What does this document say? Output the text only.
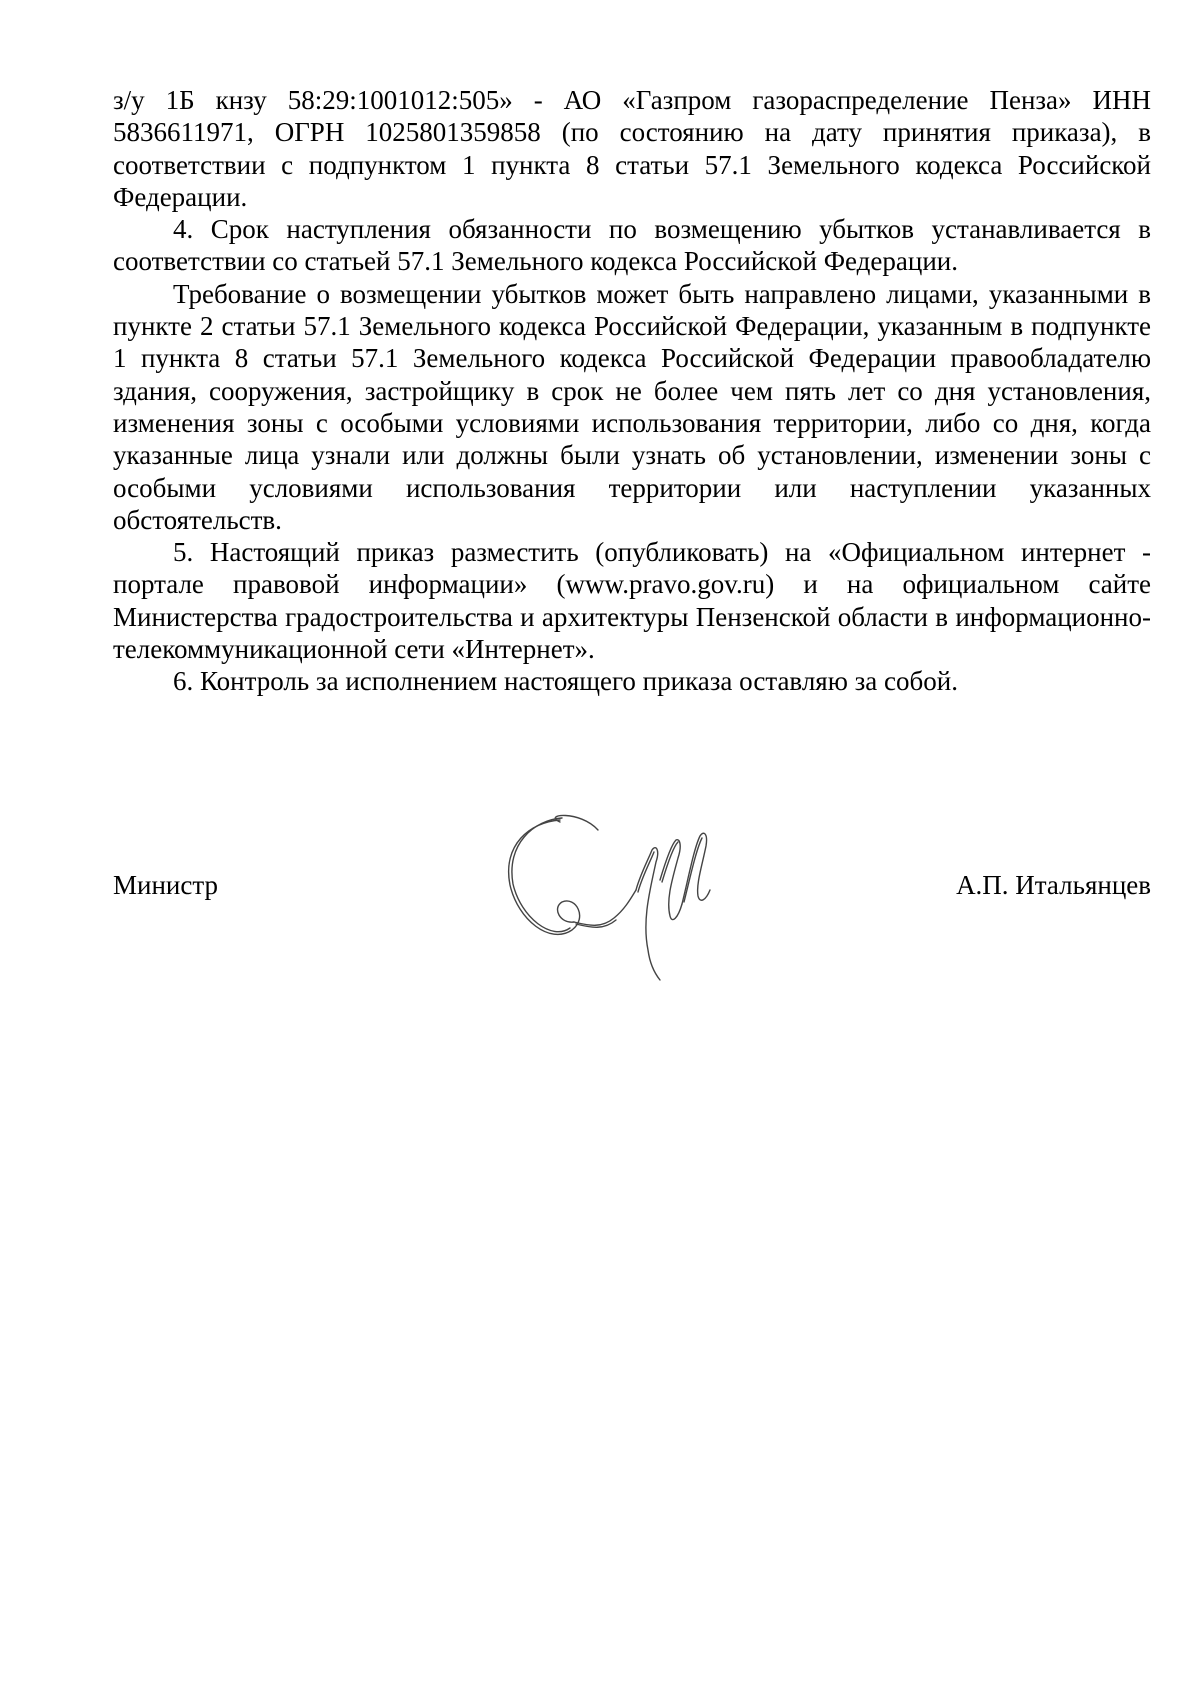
з/у 1Б кнзу 58:29:1001012:505» - АО «Газпром газораспределение Пенза» ИНН 5836611971, ОГРН 1025801359858 (по состоянию на дату принятия приказа), в соответствии с подпунктом 1 пункта 8 статьи 57.1 Земельного кодекса Российской Федерации.

4. Срок наступления обязанности по возмещению убытков устанавливается в соответствии со статьей 57.1 Земельного кодекса Российской Федерации.

Требование о возмещении убытков может быть направлено лицами, указанными в пункте 2 статьи 57.1 Земельного кодекса Российской Федерации, указанным в подпункте 1 пункта 8 статьи 57.1 Земельного кодекса Российской Федерации правообладателю здания, сооружения, застройщику в срок не более чем пять лет со дня установления, изменения зоны с особыми условиями использования территории, либо со дня, когда указанные лица узнали или должны были узнать об установлении, изменении зоны с особыми условиями использования территории или наступлении указанных обстоятельств.

5. Настоящий приказ разместить (опубликовать) на «Официальном интернет - портале правовой информации» (www.pravo.gov.ru) и на официальном сайте Министерства градостроительства и архитектуры Пензенской области в информационно-телекоммуникационной сети «Интернет».

6. Контроль за исполнением настоящего приказа оставляю за собой.

Министр	А.П. Итальянцев
